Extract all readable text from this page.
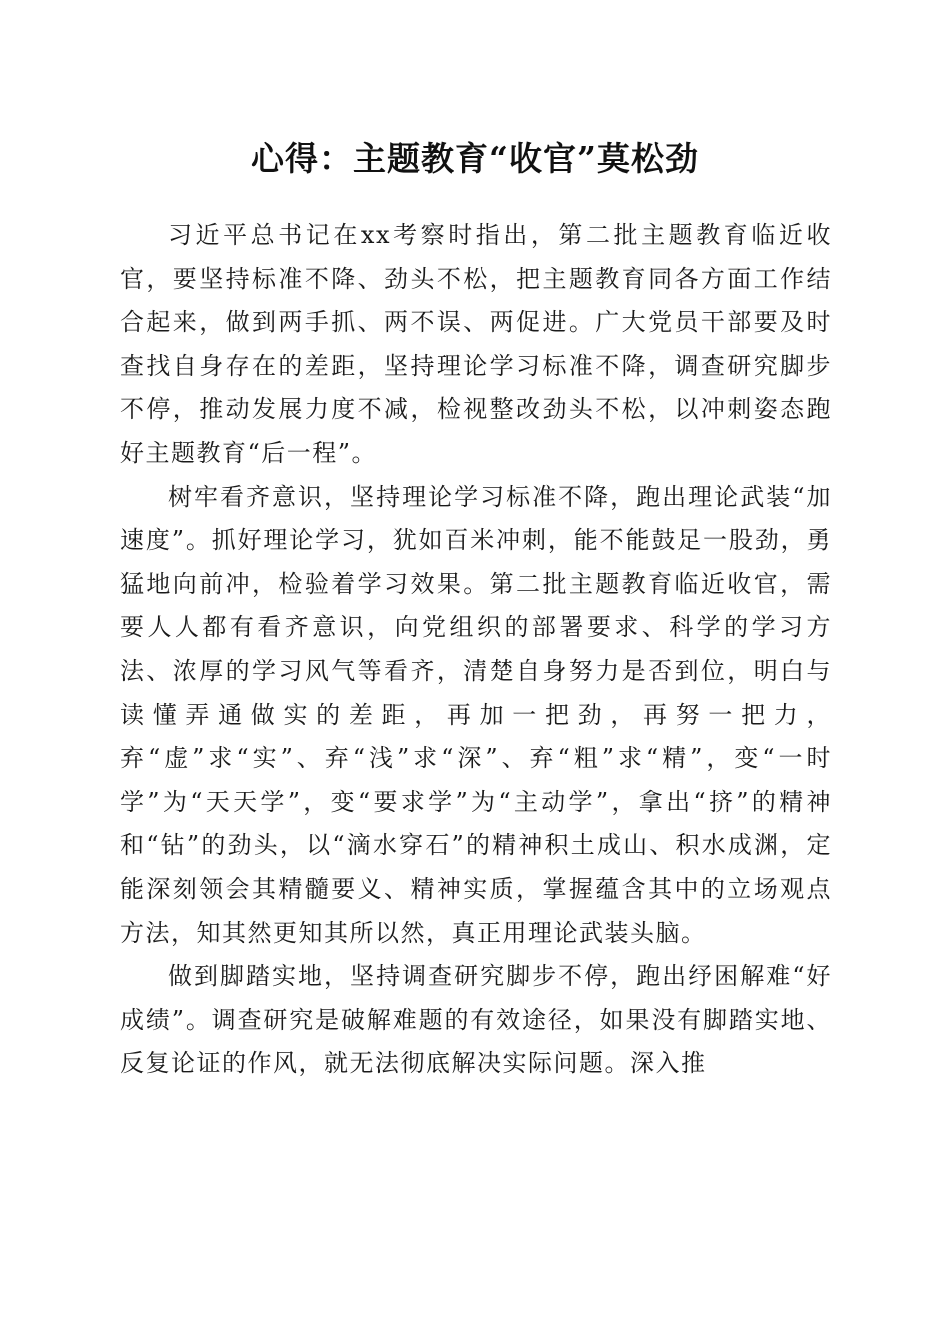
心得：主题教育“收官”莫松劲

习近平总书记在xx考察时指出，第二批主题教育临近收官，要坚持标准不降、劲头不松，把主题教育同各方面工作结合起来，做到两手抓、两不误、两促进。广大党员干部要及时查找自身存在的差距，坚持理论学习标准不降，调查研究脚步不停，推动发展力度不减，检视整改劲头不松，以冲刺姿态跑好主题教育“后一程”。

树牢看齐意识，坚持理论学习标准不降，跑出理论武装“加速度”。抓好理论学习，犹如百米冲刺，能不能鼓足一股劲，勇猛地向前冲，检验着学习效果。第二批主题教育临近收官，需要人人都有看齐意识，向党组织的部署要求、科学的学习方法、浓厚的学习风气等看齐，清楚自身努力是否到位，明白与读懂弄通做实的差距，再加一把劲，再努一把力，弃“虚”求“实”、弃“浅”求“深”、弃“粗”求“精”，变“一时学”为“天天学”，变“要求学”为“主动学”，拿出“挤”的精神和“钻”的劲头，以“滴水穿石”的精神积土成山、积水成渊，定能深刻领会其精髓要义、精神实质，掌握蕴含其中的立场观点方法，知其然更知其所以然，真正用理论武装头脑。

做到脚踏实地，坚持调查研究脚步不停，跑出纾困解难“好成绩”。调查研究是破解难题的有效途径，如果没有脚踏实地、反复论证的作风，就无法彻底解决实际问题。深入推
